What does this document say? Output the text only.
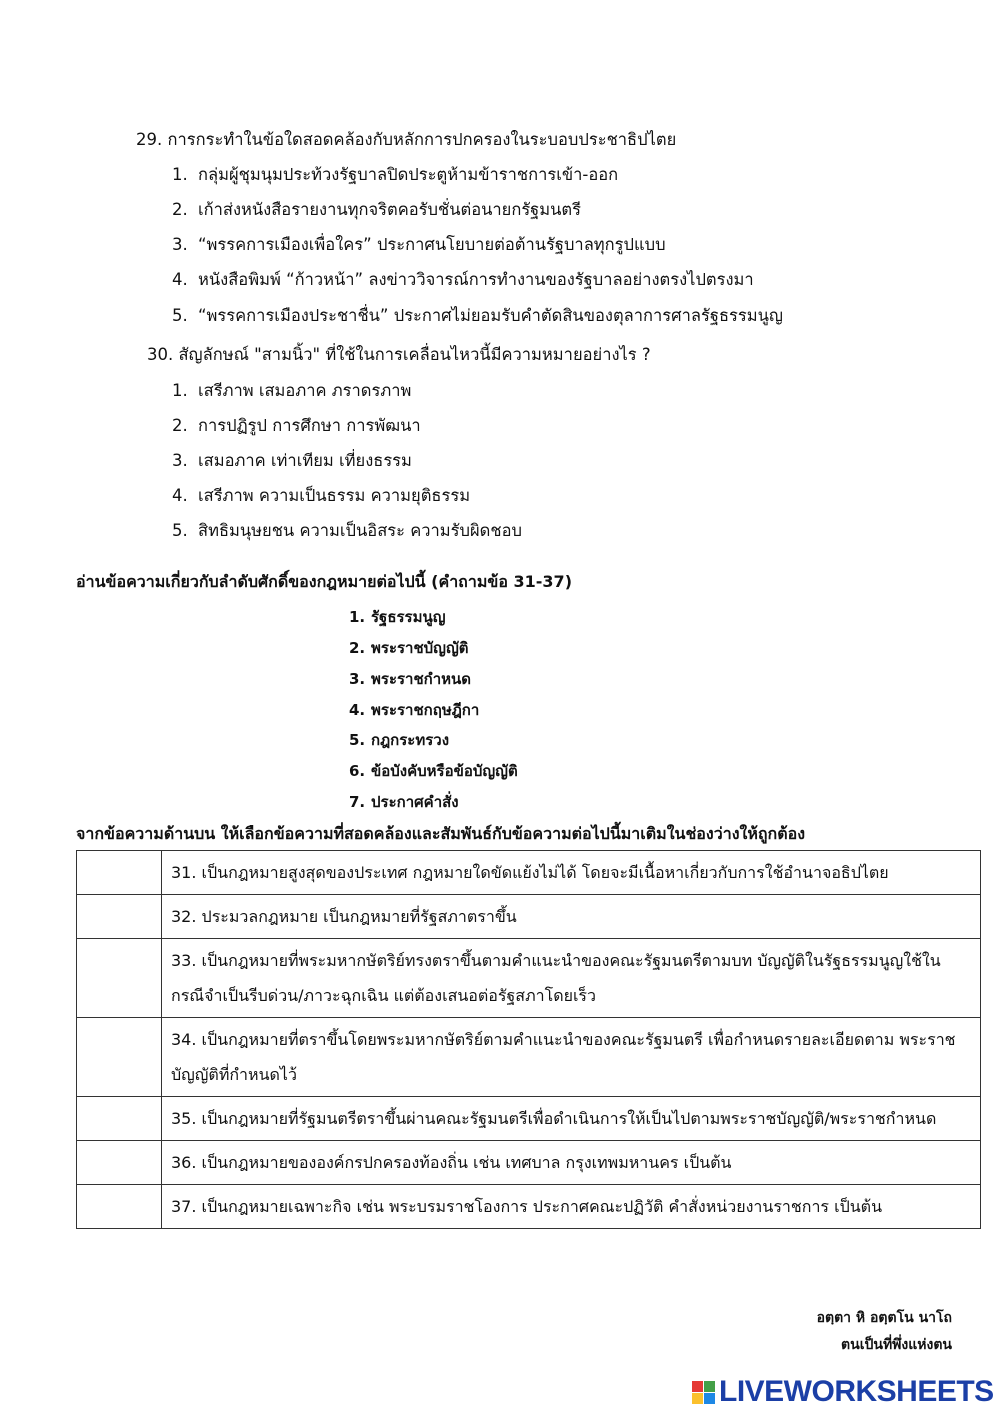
29. การกระทำในข้อใดสอดคล้องกับหลักการปกครองในระบอบประชาธิปไตย
1. กลุ่มผู้ชุมนุมประท้วงรัฐบาลปิดประตูห้ามข้าราชการเข้า-ออก
2. เก้าส่งหนังสือรายงานทุกจริตคอรับชั่นต่อนายกรัฐมนตรี
3. “พรรคการเมืองเพื่อใคร” ประกาศนโยบายต่อต้านรัฐบาลทุกรูปแบบ
4. หนังสือพิมพ์ “ก้าวหน้า” ลงข่าววิจารณ์การทำงานของรัฐบาลอย่างตรงไปตรงมา
5. “พรรคการเมืองประชาชื่น” ประกาศไม่ยอมรับคำตัดสินของตุลาการศาลรัฐธรรมนูญ
30. สัญลักษณ์ "สามนิ้ว" ที่ใช้ในการเคลื่อนไหวนี้มีความหมายอย่างไร ?
1. เสรีภาพ เสมอภาค ภราดรภาพ
2. การปฏิรูป การศึกษา การพัฒนา
3. เสมอภาค เท่าเทียม เที่ยงธรรม
4. เสรีภาพ ความเป็นธรรม ความยุติธรรม
5. สิทธิมนุษยชน ความเป็นอิสระ ความรับผิดชอบ
อ่านข้อความเกี่ยวกับลำดับศักดิ์ของกฎหมายต่อไปนี้ (คำถามข้อ 31-37)
1. รัฐธรรมนูญ
2. พระราชบัญญัติ
3. พระราชกำหนด
4. พระราชกฤษฎีกา
5. กฎกระทรวง
6. ข้อบังคับหรือข้อบัญญัติ
7. ประกาศคำสั่ง
จากข้อความด้านบน ให้เลือกข้อความที่สอดคล้องและสัมพันธ์กับข้อความต่อไปนี้มาเติมในช่องว่างให้ถูกต้อง
	31. เป็นกฎหมายสูงสุดของประเทศ กฎหมายใดขัดแย้งไม่ได้ โดยจะมีเนื้อหาเกี่ยวกับการใช้อำนาจอธิปไตย
	32. ประมวลกฎหมาย เป็นกฎหมายที่รัฐสภาตราขึ้น
	33. เป็นกฎหมายที่พระมหากษัตริย์ทรงตราขึ้นตามคำแนะนำของคณะรัฐมนตรีตามบท บัญญัติในรัฐธรรมนูญใช้ใน กรณีจำเป็นรีบด่วน/ภาวะฉุกเฉิน แต่ต้องเสนอต่อรัฐสภาโดยเร็ว
	34. เป็นกฎหมายที่ตราขึ้นโดยพระมหากษัตริย์ตามคำแนะนำของคณะรัฐมนตรี เพื่อกำหนดรายละเอียดตาม พระราชบัญญัติที่กำหนดไว้
	35. เป็นกฎหมายที่รัฐมนตรีตราขึ้นผ่านคณะรัฐมนตรีเพื่อดำเนินการให้เป็นไปตามพระราชบัญญัติ/พระราชกำหนด
	36. เป็นกฎหมายขององค์กรปกครองท้องถิ่น เช่น เทศบาล กรุงเทพมหานคร เป็นต้น
	37. เป็นกฎหมายเฉพาะกิจ เช่น พระบรมราชโองการ ประกาศคณะปฏิวัติ คำสั่งหน่วยงานราชการ เป็นต้น
อตฺตา หิ อตฺตโน นาโถ
ตนเป็นที่พึ่งแห่งตน
LIVEWORKSHEETS
